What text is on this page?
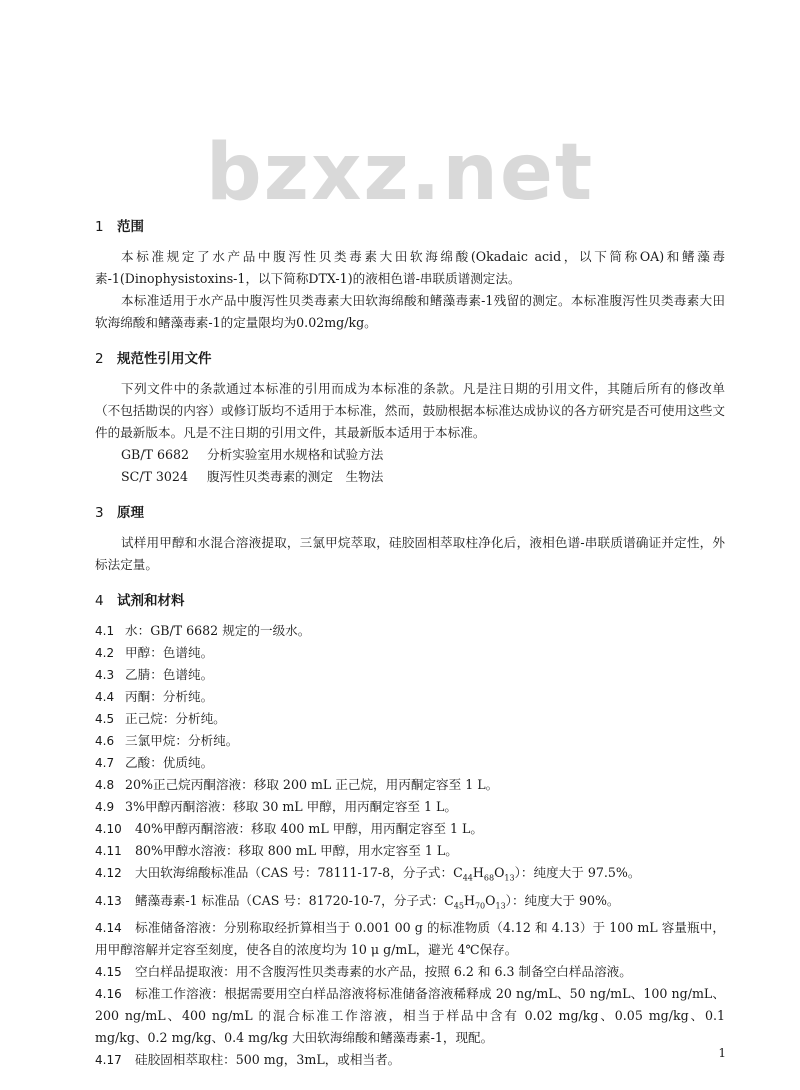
bzxz.net
1 范围

本标准规定了水产品中腹泻性贝类毒素大田软海绵酸(Okadaic acid，以下简称OA)和鳍藻毒素-1(Dinophysistoxins-1，以下简称DTX-1)的液相色谱-串联质谱测定法。

本标准适用于水产品中腹泻性贝类毒素大田软海绵酸和鳍藻毒素-1残留的测定。本标准腹泻性贝类毒素大田软海绵酸和鳍藻毒素-1的定量限均为0.02mg/kg。

2 规范性引用文件

下列文件中的条款通过本标准的引用而成为本标准的条款。凡是注日期的引用文件，其随后所有的修改单（不包括勘误的内容）或修订版均不适用于本标准，然而，鼓励根据本标准达成协议的各方研究是否可使用这些文件的最新版本。凡是不注日期的引用文件，其最新版本适用于本标准。

GB/T 6682 分析实验室用水规格和试验方法
SC/T 3024 腹泻性贝类毒素的测定　生物法
3 原理

试样用甲醇和水混合溶液提取，三氯甲烷萃取，硅胶固相萃取柱净化后，液相色谱-串联质谱确证并定性，外标法定量。

4 试剂和材料

4.1 水：GB/T 6682 规定的一级水。

4.2 甲醇：色谱纯。

4.3 乙腈：色谱纯。

4.4 丙酮：分析纯。

4.5 正己烷：分析纯。

4.6 三氯甲烷：分析纯。

4.7 乙酸：优质纯。

4.8 20%正己烷丙酮溶液：移取 200 mL 正己烷，用丙酮定容至 1 L。

4.9 3%甲醇丙酮溶液：移取 30 mL 甲醇，用丙酮定容至 1 L。

4.10 40%甲醇丙酮溶液：移取 400 mL 甲醇，用丙酮定容至 1 L。

4.11 80%甲醇水溶液：移取 800 mL 甲醇，用水定容至 1 L。

4.12 大田软海绵酸标准品（CAS 号：78111-17-8，分子式：$C_{44}H_{68}O_{13}$）：纯度大于 97.5%。

4.13 鳍藻毒素-1 标准品（CAS 号：81720-10-7，分子式：$C_{45}H_{70}O_{13}$）：纯度大于 90%。

4.14 标准储备溶液：分别称取经折算相当于 0.001 00 g 的标准物质（4.12 和 4.13）于 100 mL 容量瓶中，用甲醇溶解并定容至刻度，使各自的浓度均为 10 μ g/mL，避光 4℃保存。

4.15 空白样品提取液：用不含腹泻性贝类毒素的水产品，按照 6.2 和 6.3 制备空白样品溶液。

4.16 标准工作溶液：根据需要用空白样品溶液将标准储备溶液稀释成 20 ng/mL、50 ng/mL、100 ng/mL、200 ng/mL、400 ng/mL 的混合标准工作溶液，相当于样品中含有 0.02 mg/kg、0.05 mg/kg、0.1 mg/kg、0.2 mg/kg、0.4 mg/kg 大田软海绵酸和鳍藻毒素-1，现配。

4.17 硅胶固相萃取柱：500 mg，3mL，或相当者。	1
